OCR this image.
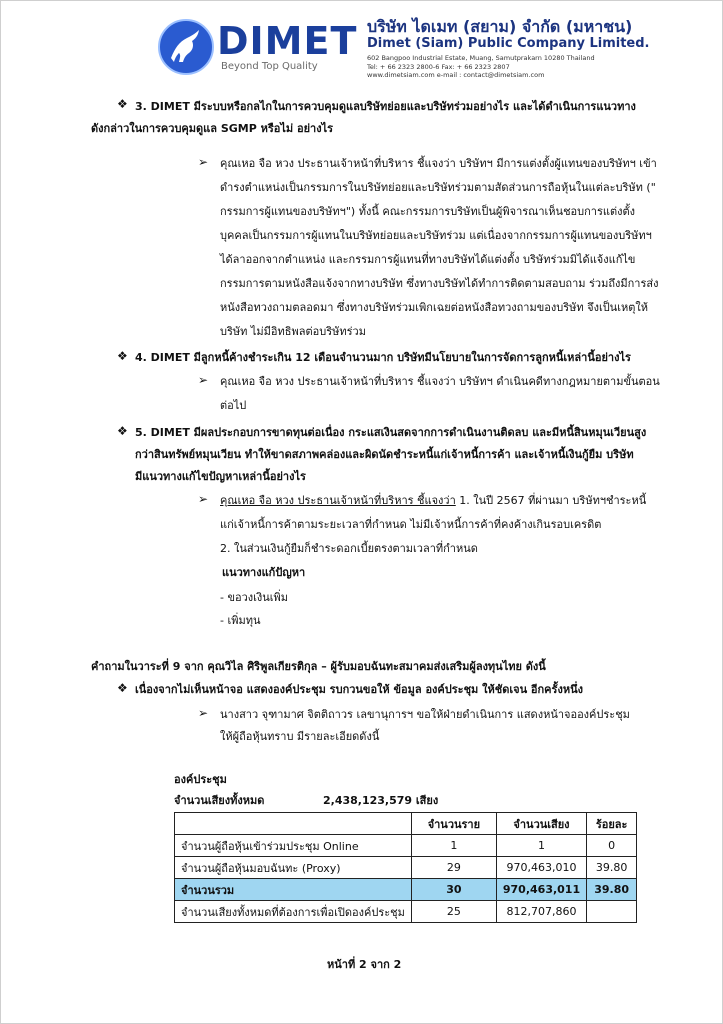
DIMET
Beyond Top Quality
บริษัท ไดเมท (สยาม) จำกัด (มหาชน)
Dimet (Siam) Public Company Limited.
602 Bangpoo Industrial Estate, Muang, Samutprakarn 10280 Thailand
Tel: + 66 2323 2800-6 Fax: + 66 2323 2807
www.dimetsiam.com e-mail : contact@dimetsiam.com
❖ 3. DIMET มีระบบหรือกลไกในการควบคุมดูแลบริษัทย่อยและบริษัทร่วมอย่างไร และได้ดำเนินการแนวทาง
ดังกล่าวในการควบคุมดูแล SGMP หรือไม่ อย่างไร
➢ คุณเหอ จือ หวง ประธานเจ้าหน้าที่บริหาร ชี้แจงว่า บริษัทฯ มีการแต่งตั้งผู้แทนของบริษัทฯ เข้า
ดำรงตำแหน่งเป็นกรรมการในบริษัทย่อยและบริษัทร่วมตามสัดส่วนการถือหุ้นในแต่ละบริษัท ("
กรรมการผู้แทนของบริษัทฯ") ทั้งนี้ คณะกรรมการบริษัทเป็นผู้พิจารณาเห็นชอบการแต่งตั้ง
บุคคลเป็นกรรมการผู้แทนในบริษัทย่อยและบริษัทร่วม แต่เนื่องจากกรรมการผู้แทนของบริษัทฯ
ได้ลาออกจากตำแหน่ง และกรรมการผู้แทนที่ทางบริษัทได้แต่งตั้ง บริษัทร่วมมิได้แจ้งแก้ไข
กรรมการตามหนังสือแจ้งจากทางบริษัท ซึ่งทางบริษัทได้ทำการติดตามสอบถาม ร่วมถึงมีการส่ง
หนังสือทวงถามตลอดมา ซึ่งทางบริษัทร่วมเพิกเฉยต่อหนังสือทวงถามของบริษัท จึงเป็นเหตุให้
บริษัท ไม่มีอิทธิพลต่อบริษัทร่วม
❖ 4. DIMET มีลูกหนี้ค้างชำระเกิน 12 เดือนจำนวนมาก บริษัทมีนโยบายในการจัดการลูกหนี้เหล่านี้อย่างไร
➢ คุณเหอ จือ หวง ประธานเจ้าหน้าที่บริหาร ชี้แจงว่า บริษัทฯ ดำเนินคดีทางกฎหมายตามขั้นตอน
ต่อไป
❖ 5. DIMET มีผลประกอบการขาดทุนต่อเนื่อง กระแสเงินสดจากการดำเนินงานติดลบ และมีหนี้สินหมุนเวียนสูง
กว่าสินทรัพย์หมุนเวียน ทำให้ขาดสภาพคล่องและผิดนัดชำระหนี้แก่เจ้าหนี้การค้า และเจ้าหนี้เงินกู้ยืม บริษัท
มีแนวทางแก้ไขปัญหาเหล่านี้อย่างไร
➢ คุณเหอ จือ หวง ประธานเจ้าหน้าที่บริหาร ชี้แจงว่า 1. ในปี 2567 ที่ผ่านมา บริษัทฯชำระหนี้
แก่เจ้าหนี้การค้าตามระยะเวลาที่กำหนด ไม่มีเจ้าหนี้การค้าที่คงค้างเกินรอบเครดิต
2. ในส่วนเงินกู้ยืมก็ชำระดอกเบี้ยตรงตามเวลาที่กำหนด
แนวทางแก้ปัญหา
- ขอวงเงินเพิ่ม
- เพิ่มทุน
คำถามในวาระที่ 9 จาก คุณวิไล ศิริพูลเกียรติกุล – ผู้รับมอบฉันทะสมาคมส่งเสริมผู้ลงทุนไทย ดังนี้
❖ เนื่องจากไม่เห็นหน้าจอ แสดงองค์ประชุม รบกวนขอให้ ข้อมูล องค์ประชุม ให้ชัดเจน อีกครั้งหนึ่ง
➢ นางสาว จุฑามาศ จิตติถาวร เลขานุการฯ ขอให้ฝ่ายดำเนินการ แสดงหน้าจอองค์ประชุม
ให้ผู้ถือหุ้นทราบ มีรายละเอียดดังนี้
องค์ประชุม
จำนวนเสียงทั้งหมด	2,438,123,579 เสียง
	จำนวนราย	จำนวนเสียง	ร้อยละ
จำนวนผู้ถือหุ้นเข้าร่วมประชุม Online	1	1	0
จำนวนผู้ถือหุ้นมอบฉันทะ (Proxy)	29	970,463,010	39.80
จำนวนรวม	30	970,463,011	39.80
จำนวนเสียงทั้งหมดที่ต้องการเพื่อเปิดองค์ประชุม	25	812,707,860	
หน้าที่ 2 จาก 2
